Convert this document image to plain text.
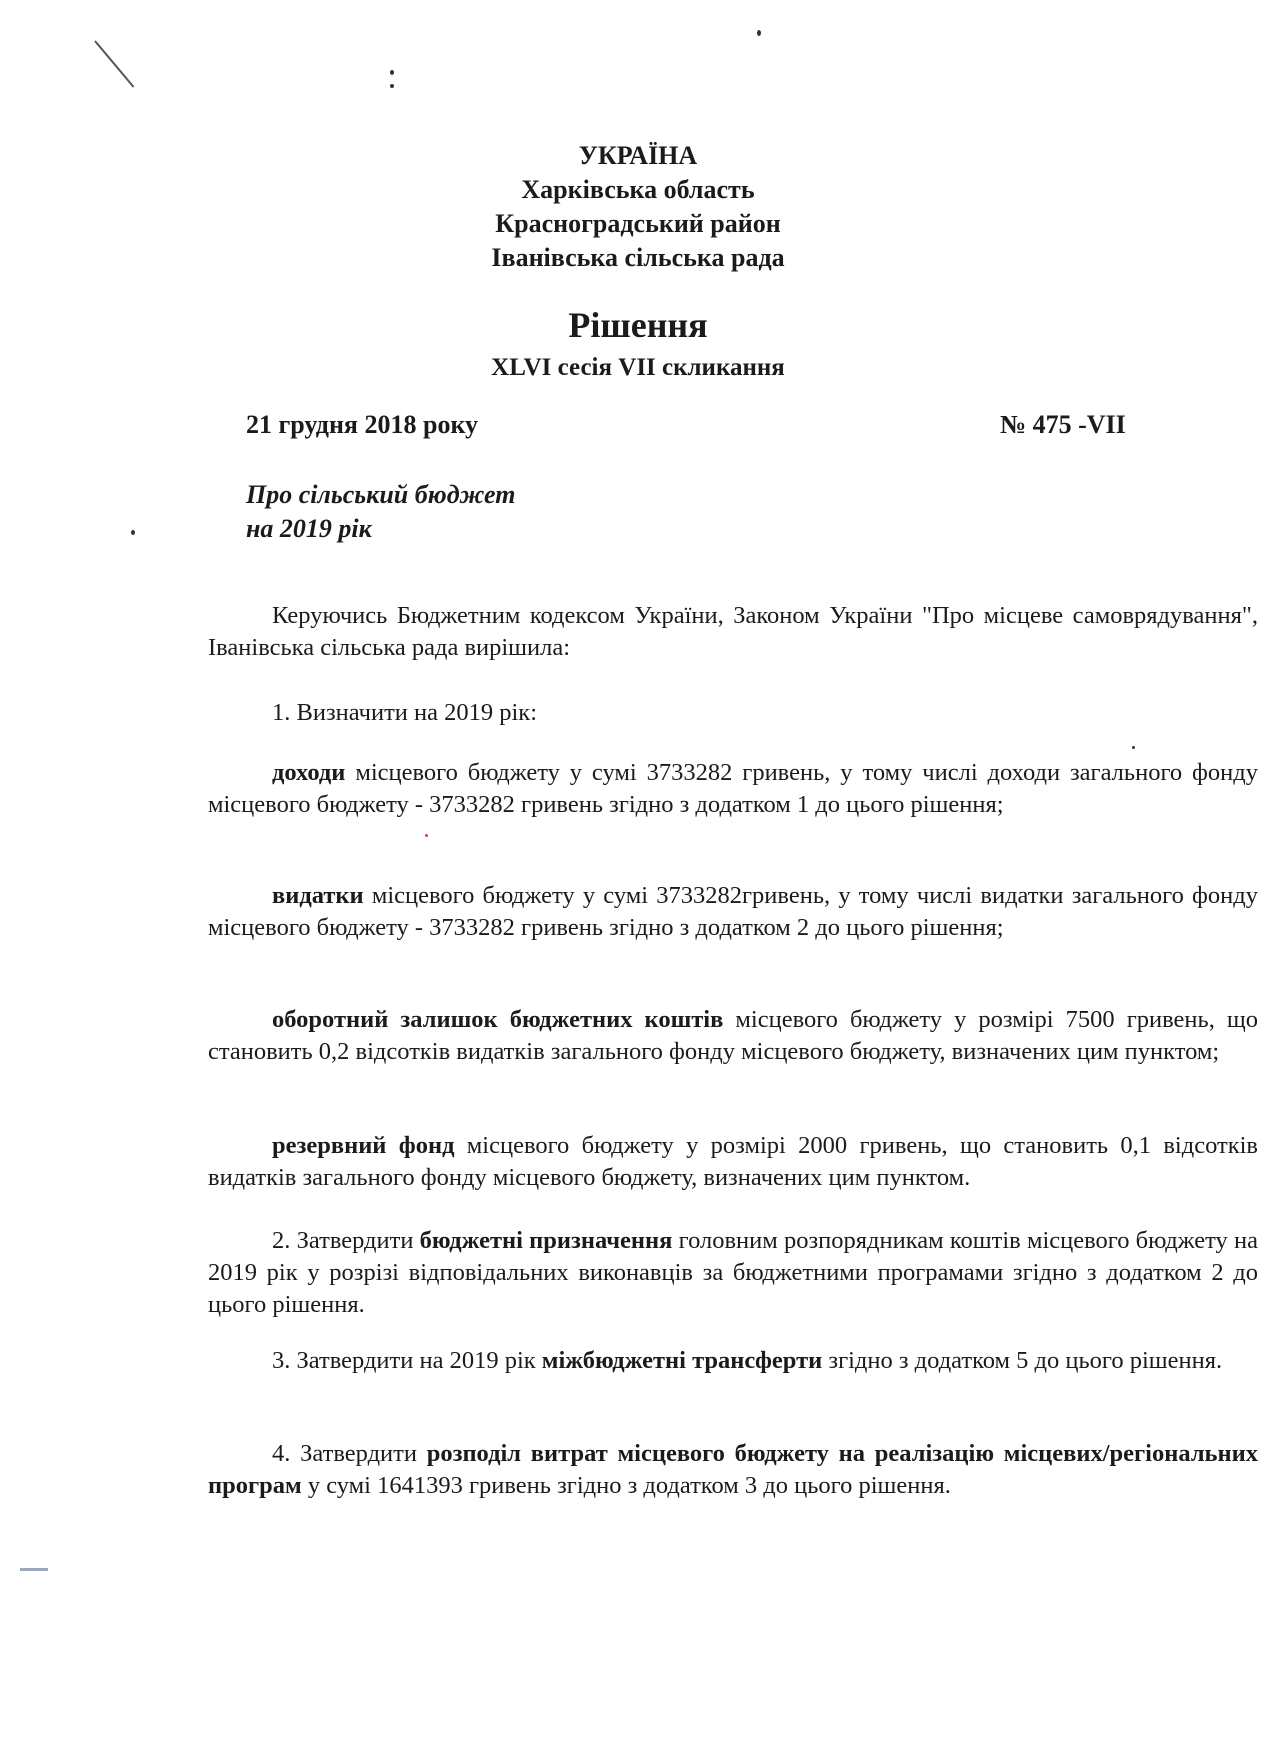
УКРАЇНА
Харківська область
Красноградський район
Іванівська сільська рада
Рішення
XLVI сесія VII скликання
21 грудня 2018 року	№ 475 -VII
Про сільський бюджет
на 2019 рік
Керуючись Бюджетним кодексом України, Законом України "Про місцеве самоврядування", Іванівська сільська рада вирішила:
1. Визначити на 2019 рік:
доходи місцевого бюджету у сумі 3733282 гривень, у тому числі доходи загального фонду місцевого бюджету - 3733282 гривень згідно з додатком 1 до цього рішення;
видатки місцевого бюджету у сумі 3733282гривень, у тому числі видатки загального фонду місцевого бюджету - 3733282 гривень згідно з додатком 2 до цього рішення;
оборотний залишок бюджетних коштів місцевого бюджету у розмірі 7500 гривень, що становить 0,2 відсотків видатків загального фонду місцевого бюджету, визначених цим пунктом;
резервний фонд місцевого бюджету у розмірі 2000 гривень, що становить 0,1 відсотків видатків загального фонду місцевого бюджету, визначених цим пунктом.
2. Затвердити бюджетні призначення головним розпорядникам коштів місцевого бюджету на 2019 рік у розрізі відповідальних виконавців за бюджетними програмами згідно з додатком 2 до цього рішення.
3. Затвердити на 2019 рік міжбюджетні трансферти згідно з додатком 5 до цього рішення.
4. Затвердити розподіл витрат місцевого бюджету на реалізацію місцевих/регіональних програм у сумі 1641393 гривень згідно з додатком 3 до цього рішення.
